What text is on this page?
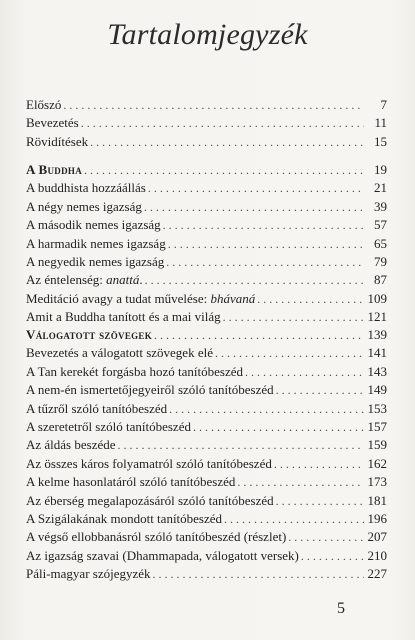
Tartalomjegyzék
Előszó . . .	7
Bevezetés . . .	11
Rövidítések . . .	15
A Buddha . . .	19
A buddhista hozzáállás . . .	21
A négy nemes igazság . . .	39
A második nemes igazság . . .	57
A harmadik nemes igazság . . .	65
A negyedik nemes igazság . . .	79
Az éntelenség: anattá. . . .	87
Meditáció avagy a tudat művelése: bhávaná . . .	109
Amit a Buddha tanított és a mai világ . . .	121
Válogatott szövegek . . .	139
Bevezetés a válogatott szövegek elé . . .	141
A Tan kerekét forgásba hozó tanítóbeszéd . . .	143
A nem-én ismertetőjegyeiről szóló tanítóbeszéd . . .	149
A tűzről szóló tanítóbeszéd . . .	153
A szeretetről szóló tanítóbeszéd . . .	157
Az áldás beszéde . . .	159
Az összes káros folyamatról szóló tanítóbeszéd . . .	162
A kelme hasonlatáról szóló tanítóbeszéd . . .	173
Az éberség megalapozásáról szóló tanítóbeszéd . . .	181
A Szigálakának mondott tanítóbeszéd . . .	196
A végső ellobbanásról szóló tanítóbeszéd (részlet) . . .	207
Az igazság szavai (Dhammapada, válogatott versek) . . .	210
Páli-magyar szójegyzék . . .	227
5
